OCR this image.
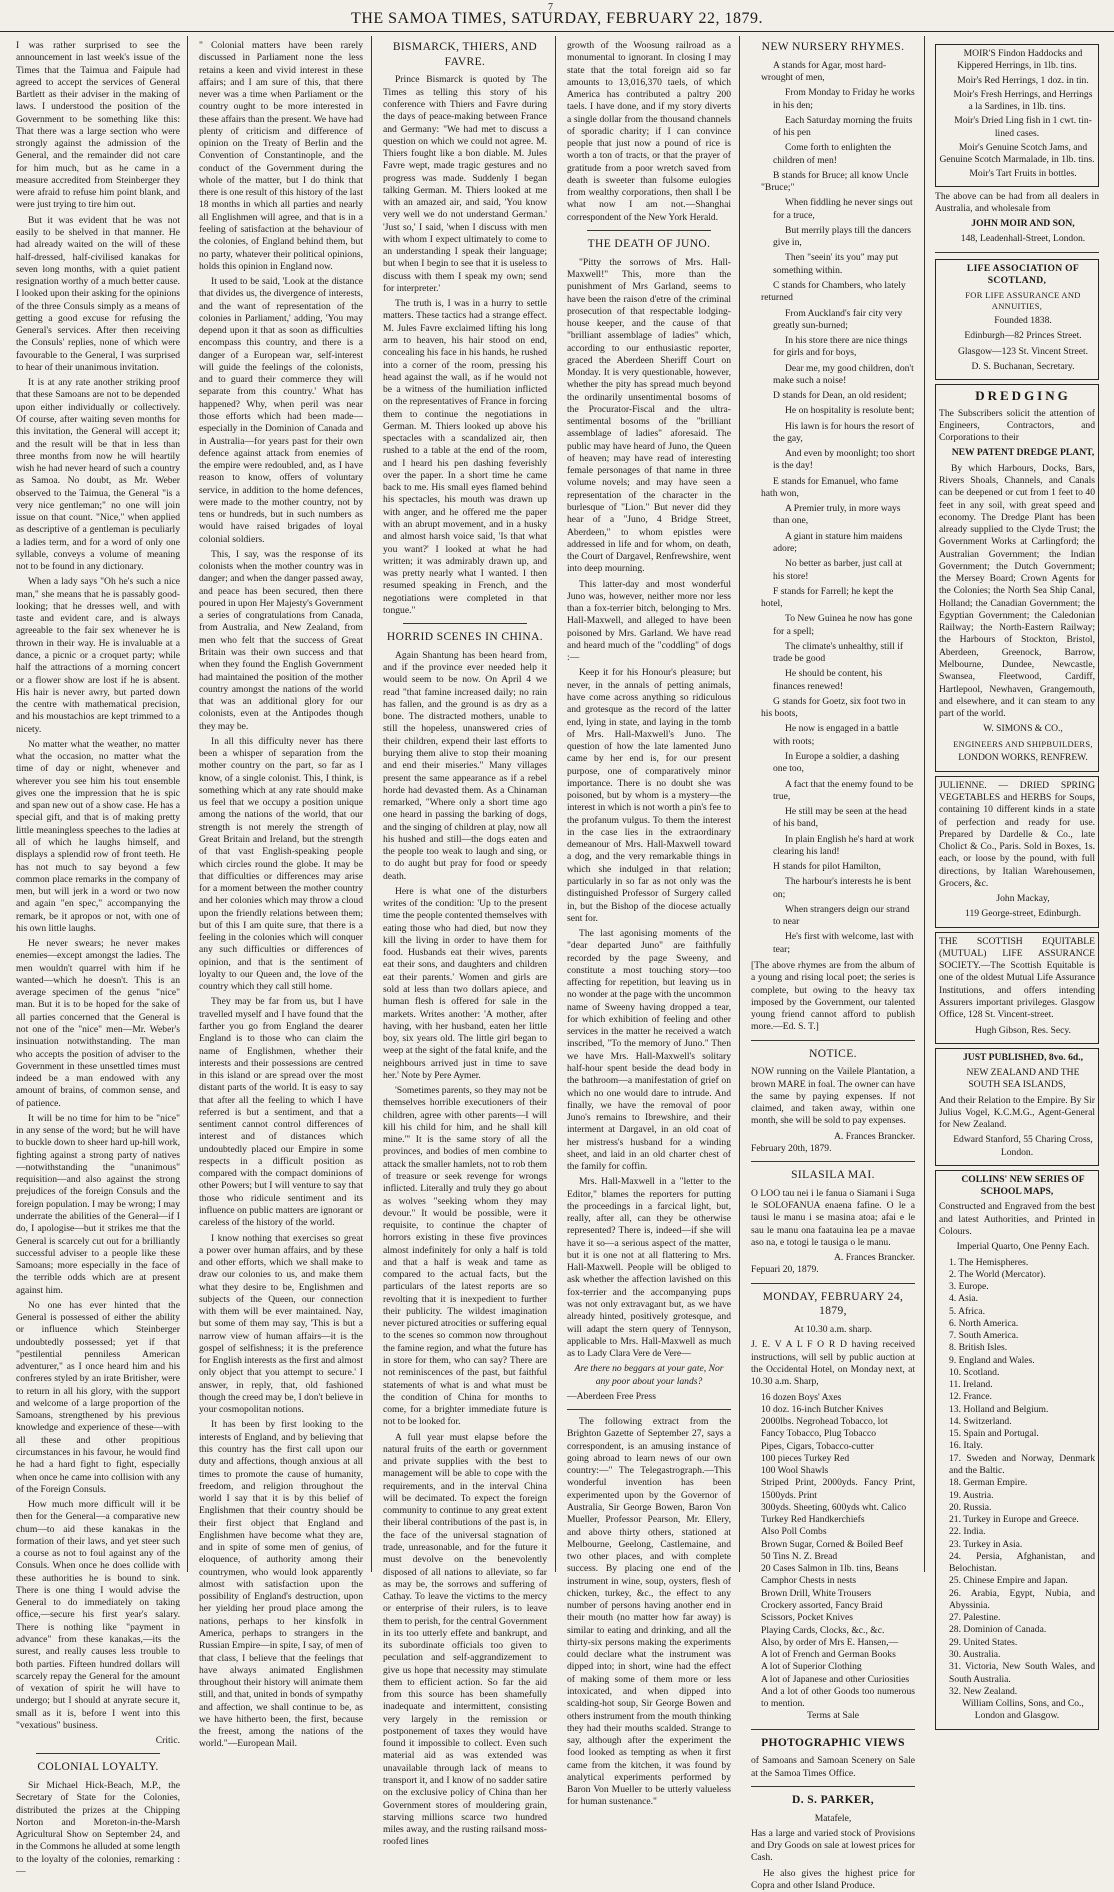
7
THE SAMOA TIMES, SATURDAY, FEBRUARY 22, 1879.

I was rather surprised to see the announcement in last week's issue of the Times that the Taimua and Faipule had agreed to accept the services of General Bartlett as their adviser in the making of laws. I understood the position of the Government to be something like this: That there was a large section who were strongly against the admission of the General, and the remainder did not care for him much, but as he came in a measure accredited from Steinberger they were afraid to refuse him point blank, and were just trying to tire him out.

But it was evident that he was not easily to be shelved in that manner. He had already waited on the will of these half-dressed, half-civilised kanakas for seven long months, with a quiet patient resignation worthy of a much better cause. I looked upon their asking for the opinions of the three Consuls simply as a means of getting a good excuse for refusing the General's services. After then receiving the Consuls' replies, none of which were favourable to the General, I was surprised to hear of their unanimous invitation.

It is at any rate another striking proof that these Samoans are not to be depended upon either individually or collectively. Of course, after waiting seven months for this invitation, the General will accept it; and the result will be that in less than three months from now he will heartily wish he had never heard of such a country as Samoa. No doubt, as Mr. Weber observed to the Taimua, the General "is a very nice gentleman;" no one will join issue on that count. "Nice," when applied as descriptive of a gentleman is peculiarly a ladies term, and for a word of only one syllable, conveys a volume of meaning not to be found in any dictionary.

When a lady says "Oh he's such a nice man," she means that he is passably good-looking; that he dresses well, and with taste and evident care, and is always agreeable to the fair sex whenever he is thrown in their way. He is invaluable at a dance, a picnic or a croquet party; while half the attractions of a morning concert or a flower show are lost if he is absent. His hair is never awry, but parted down the centre with mathematical precision, and his moustachios are kept trimmed to a nicety.

No matter what the weather, no matter what the occasion, no matter what the time of day or night, whenever and wherever you see him his tout ensemble gives one the impression that he is spic and span new out of a show case. He has a special gift, and that is of making pretty little meaningless speeches to the ladies at all of which he laughs himself, and displays a splendid row of front teeth. He has not much to say beyond a few common place remarks in the company of men, but will jerk in a word or two now and again "en spec," accompanying the remark, be it apropos or not, with one of his own little laughs.

He never swears; he never makes enemies—except amongst the ladies. The men wouldn't quarrel with him if he wanted—which he doesn't. This is an average specimen of the genus "nice" man. But it is to be hoped for the sake of all parties concerned that the General is not one of the "nice" men—Mr. Weber's insinuation notwithstanding. The man who accepts the position of adviser to the Government in these unsettled times must indeed be a man endowed with any amount of brains, of common sense, and of patience.

It will be no time for him to be "nice" in any sense of the word; but he will have to buckle down to sheer hard up-hill work, fighting against a strong party of natives—notwithstanding the "unanimous" requisition—and also against the strong prejudices of the foreign Consuls and the foreign population. I may be wrong; I may underrate the abilities of the General—if I do, I apologise—but it strikes me that the General is scarcely cut out for a brilliantly successful adviser to a people like these Samoans; more especially in the face of the terrible odds which are at present against him.

No one has ever hinted that the General is possessed of either the ability or influence which Steinberger undoubtedly possessed; yet if that "pestilential penniless American adventurer," as I once heard him and his confreres styled by an irate Britisher, were to return in all his glory, with the support and welcome of a large proportion of the Samoans, strengthened by his previous knowledge and experience of these—with all these and other propitious circumstances in his favour, he would find he had a hard fight to fight, especially when once he came into collision with any of the Foreign Consuls.

How much more difficult will it be then for the General—a comparative new chum—to aid these kanakas in the formation of their laws, and yet steer such a course as not to foul against any of the Consuls. When once he does collide with these authorities he is bound to sink. There is one thing I would advise the General to do immediately on taking office,—secure his first year's salary. There is nothing like "payment in advance" from these kanakas,—its the surest, and really causes less trouble to both parties. Fifteen hundred dollars will scarcely repay the General for the amount of vexation of spirit he will have to undergo; but I should at anyrate secure it, small as it is, before I went into this "vexatious" business.

Critic.
COLONIAL LOYALTY.

Sir Michael Hick-Beach, M.P., the Secretary of State for the Colonies, distributed the prizes at the Chipping Norton and Moreton-in-the-Marsh Agricultural Show on September 24, and in the Commons he alluded at some length to the loyalty of the colonies, remarking :—

" Colonial matters have been rarely discussed in Parliament none the less retains a keen and vivid interest in these affairs; and I am sure of this, that there never was a time when Parliament or the country ought to be more interested in these affairs than the present. We have had plenty of criticism and difference of opinion on the Treaty of Berlin and the Convention of Constantinople, and the conduct of the Government during the whole of the matter, but I do think that there is one result of this history of the last 18 months in which all parties and nearly all Englishmen will agree, and that is in a feeling of satisfaction at the behaviour of the colonies, of England behind them, but no party, whatever their political opinions, holds this opinion in England now.

It used to be said, 'Look at the distance that divides us, the divergence of interests, and the want of representation of the colonies in Parliament,' adding, 'You may depend upon it that as soon as difficulties encompass this country, and there is a danger of a European war, self-interest will guide the feelings of the colonists, and to guard their commerce they will separate from this country.' What has happened? Why, when peril was near those efforts which had been made—especially in the Dominion of Canada and in Australia—for years past for their own defence against attack from enemies of the empire were redoubled, and, as I have reason to know, offers of voluntary service, in addition to the home defences, were made to the mother country, not by tens or hundreds, but in such numbers as would have raised brigades of loyal colonial soldiers.

This, I say, was the response of its colonists when the mother country was in danger; and when the danger passed away, and peace has been secured, then there poured in upon Her Majesty's Government a series of congratulations from Canada, from Australia, and New Zealand, from men who felt that the success of Great Britain was their own success and that when they found the English Government had maintained the position of the mother country amongst the nations of the world that was an additional glory for our colonists, even at the Antipodes though they may be.

In all this difficulty never has there been a whisper of separation from the mother country on the part, so far as I know, of a single colonist. This, I think, is something which at any rate should make us feel that we occupy a position unique among the nations of the world, that our strength is not merely the strength of Great Britain and Ireland, but the strength of that vast English-speaking people which circles round the globe. It may be that difficulties or differences may arise for a moment between the mother country and her colonies which may throw a cloud upon the friendly relations between them; but of this I am quite sure, that there is a feeling in the colonies which will conquer any such difficulties or differences of opinion, and that is the sentiment of loyalty to our Queen and, the love of the country which they call still home.

They may be far from us, but I have travelled myself and I have found that the farther you go from England the dearer England is to those who can claim the name of Englishmen, whether their interests and their possessions are centred in this island or are spread over the most distant parts of the world. It is easy to say that after all the feeling to which I have referred is but a sentiment, and that a sentiment cannot control differences of interest and of distances which undoubtedly placed our Empire in some respects in a difficult position as compared with the compact dominions of other Powers; but I will venture to say that those who ridicule sentiment and its influence on public matters are ignorant or careless of the history of the world.

I know nothing that exercises so great a power over human affairs, and by these and other efforts, which we shall make to draw our colonies to us, and make them what they desire to be, Englishmen and subjects of the Queen, our connection with them will be ever maintained. Nay, but some of them may say, 'This is but a narrow view of human affairs—it is the gospel of selfishness; it is the preference for English interests as the first and almost only object that you attempt to secure.' I answer, in reply, that, old fashioned though the creed may be, I don't believe in your cosmopolitan notions.

It has been by first looking to the interests of England, and by believing that this country has the first call upon our duty and affections, though anxious at all times to promote the cause of humanity, freedom, and religion throughout the world I say that it is by this belief of Englishmen that their country should be their first object that England and Englishmen have become what they are, and in spite of some men of genius, of eloquence, of authority among their countrymen, who would look apparently almost with satisfaction upon the possibility of England's destruction, upon her yielding her proud place among the nations, perhaps to her kinsfolk in America, perhaps to strangers in the Russian Empire—in spite, I say, of men of that class, I believe that the feelings that have always animated Englishmen throughout their history will animate them still, and that, united in bonds of sympathy and affection, we shall continue to be, as we have hitherto been, the first, because the freest, among the nations of the world."—European Mail.

BISMARCK, THIERS, AND FAVRE.

Prince Bismarck is quoted by The Times as telling this story of his conference with Thiers and Favre during the days of peace-making between France and Germany: "We had met to discuss a question on which we could not agree. M. Thiers fought like a bon diable. M. Jules Favre wept, made tragic gestures and no progress was made. Suddenly I began talking German. M. Thiers looked at me with an amazed air, and said, 'You know very well we do not understand German.' 'Just so,' I said, 'when I discuss with men with whom I expect ultimately to come to an understanding I speak their language; but when I begin to see that it is useless to discuss with them I speak my own; send for interpreter.'

The truth is, I was in a hurry to settle matters. These tactics had a strange effect. M. Jules Favre exclaimed lifting his long arm to heaven, his hair stood on end, concealing his face in his hands, he rushed into a corner of the room, pressing his head against the wall, as if he would not be a witness of the humiliation inflicted on the representatives of France in forcing them to continue the negotiations in German. M. Thiers looked up above his spectacles with a scandalized air, then rushed to a table at the end of the room, and I heard his pen dashing feverishly over the paper. In a short time he came back to me. His small eyes flamed behind his spectacles, his mouth was drawn up with anger, and he offered me the paper with an abrupt movement, and in a husky and almost harsh voice said, 'Is that what you want?' I looked at what he had written; it was admirably drawn up, and was pretty nearly what I wanted. I then resumed speaking in French, and the negotiations were completed in that tongue."

HORRID SCENES IN CHINA.

Again Shantung has been heard from, and if the province ever needed help it would seem to be now. On April 4 we read "that famine increased daily; no rain has fallen, and the ground is as dry as a bone. The distracted mothers, unable to still the hopeless, unanswered cries of their children, expend their last efforts to burying them alive to stop their moaning and end their miseries." Many villages present the same appearance as if a rebel horde had devasted them. As a Chinaman remarked, "Where only a short time ago one heard in passing the barking of dogs, and the singing of children at play, now all his hushed and still—the dogs eaten and the people too weak to laugh and sing, or to do aught but pray for food or speedy death.

Here is what one of the disturbers writes of the condition: 'Up to the present time the people contented themselves with eating those who had died, but now they kill the living in order to have them for food. Husbands eat their wives, parents eat their sons, and daughters and children eat their parents.' Women and girls are sold at less than two dollars apiece, and human flesh is offered for sale in the markets. Writes another: 'A mother, after having, with her husband, eaten her little boy, six years old. The little girl began to weep at the sight of the fatal knife, and the neighbours arrived just in time to save her.' Note by Pere Aymer.

'Sometimes parents, so they may not be themselves horrible executioners of their children, agree with other parents—I will kill his child for him, and he shall kill mine.'" It is the same story of all the provinces, and bodies of men combine to attack the smaller hamlets, not to rob them of treasure or seek revenge for wrongs inflicted. Literally and truly they go about as wolves "seeking whom they may devour." It would be possible, were it requisite, to continue the chapter of horrors existing in these five provinces almost indefinitely for only a half is told and that a half is weak and tame as compared to the actual facts, but the particulars of the latest reports are so revolting that it is inexpedient to further their publicity. The wildest imagination never pictured atrocities or suffering equal to the scenes so common now throughout the famine region, and what the future has in store for them, who can say? There are not reminiscences of the past, but faithful statements of what is and what must be the condition of China for months to come, for a brighter immediate future is not to be looked for.

A full year must elapse before the natural fruits of the earth or government and private supplies with the best to management will be able to cope with the requirements, and in the interval China will be decimated. To expect the foreign community to continue to any great extent their liberal contributions of the past is, in the face of the universal stagnation of trade, unreasonable, and for the future it must devolve on the benevolently disposed of all nations to alleviate, so far as may be, the sorrows and suffering of Cathay. To leave the victims to the mercy or enterprise of their rulers, is to leave them to perish, for the central Government in its too utterly effete and bankrupt, and its subordinate officials too given to peculation and self-aggrandizement to give us hope that necessity may stimulate them to efficient action. So far the aid from this source has been shamefully inadequate and intermittent, consisting very largely in the remission or postponement of taxes they would have found it impossible to collect. Even such material aid as was extended was unavailable through lack of means to transport it, and I know of no sadder satire on the exclusive policy of China than her Government stores of mouldering grain, starving millions scarce two hundred miles away, and the rusting railsand moss-roofed lines

growth of the Woosung railroad as a monumental to ignorant. In closing I may state that the total foreign aid so far amounts to 13,016,370 taels, of which America has contributed a paltry 200 taels. I have done, and if my story diverts a single dollar from the thousand channels of sporadic charity; if I can convince people that just now a pound of rice is worth a ton of tracts, or that the prayer of gratitude from a poor wretch saved from death is sweeter than fulsome eulogies from wealthy corporations, then shall I be what now I am not.—Shanghai correspondent of the New York Herald.

THE DEATH OF JUNO.

"Pitty the sorrows of Mrs. Hall-Maxwell!" This, more than the punishment of Mrs Garland, seems to have been the raison d'etre of the criminal prosecution of that respectable lodging-house keeper, and the cause of that "brilliant assemblage of ladies" which, according to our enthusiastic reporter, graced the Aberdeen Sheriff Court on Monday. It is very questionable, however, whether the pity has spread much beyond the ordinarily unsentimental bosoms of the Procurator-Fiscal and the ultra-sentimental bosoms of the "brilliant assemblage of ladies" aforesaid. The public may have heard of Juno, the Queen of heaven; may have read of interesting female personages of that name in three volume novels; and may have seen a representation of the character in the burlesque of "Lion." But never did they hear of a "Juno, 4 Bridge Street, Aberdeen," to whom epistles were addressed in life and for whom, on death, the Court of Dargavel, Renfrewshire, went into deep mourning.

This latter-day and most wonderful Juno was, however, neither more nor less than a fox-terrier bitch, belonging to Mrs. Hall-Maxwell, and alleged to have been poisoned by Mrs. Garland. We have read and heard much of the "coddling" of dogs :—

Keep it for his Honour's pleasure; but never, in the annals of petting animals, have come across anything so ridiculous and grotesque as the record of the latter end, lying in state, and laying in the tomb of Mrs. Hall-Maxwell's Juno. The question of how the late lamented Juno came by her end is, for our present purpose, one of comparatively minor importance. There is no doubt she was poisoned, but by whom is a mystery—the interest in which is not worth a pin's fee to the profanum vulgus. To them the interest in the case lies in the extraordinary demeanour of Mrs. Hall-Maxwell toward a dog, and the very remarkable things in which she indulged in that relation; particularly in so far as not only was the distinguished Professor of Surgery called in, but the Bishop of the diocese actually sent for.

The last agonising moments of the "dear departed Juno" are faithfully recorded by the page Sweeny, and constitute a most touching story—too affecting for repetition, but leaving us in no wonder at the page with the uncommon name of Sweeny having dropped a tear, for which exhibition of feeling and other services in the matter he received a watch inscribed, "To the memory of Juno." Then we have Mrs. Hall-Maxwell's solitary half-hour spent beside the dead body in the bathroom—a manifestation of grief on which no one would dare to intrude. And finally, we have the removal of poor Juno's remains to Ibrewshire, and their interment at Dargavel, in an old coat of her mistress's husband for a winding sheet, and laid in an old charter chest of the family for coffin.

Mrs. Hall-Maxwell in a "letter to the Editor," blames the reporters for putting the proceedings in a farcical light, but, really, after all, can they be otherwise represented? There is, indeed—if she will have it so—a serious aspect of the matter, but it is one not at all flattering to Mrs. Hall-Maxwell. People will be obliged to ask whether the affection lavished on this fox-terrier and the accompanying pups was not only extravagant but, as we have already hinted, positively grotesque, and will adapt the stern query of Tennyson, applicable to Mrs. Hall-Maxwell as much as to Lady Clara Vere de Vere—

Are there no beggars at your gate, Nor any poor about your lands?

—Aberdeen Free Press

The following extract from the Brighton Gazette of September 27, says a correspondent, is an amusing instance of going abroad to learn news of our own country:—" The Telegastrograph.—This wonderful invention has been experimented upon by the Governor of Australia, Sir George Bowen, Baron Von Mueller, Professor Pearson, Mr. Ellery, and above thirty others, stationed at Melbourne, Geelong, Castlemaine, and two other places, and with complete success. By placing one end of the instrument in wine, soup, oysters, flesh of chicken, turkey, &c., the effect to any number of persons having another end in their mouth (no matter how far away) is similar to eating and drinking, and all the thirty-six persons making the experiments could declare what the instrument was dipped into; in short, wine had the effect of making some of them more or less intoxicated, and when dipped into scalding-hot soup, Sir George Bowen and others instrument from the mouth thinking they had their mouths scalded. Strange to say, although after the experiment the food looked as tempting as when it first came from the kitchen, it was found by analytical experiments performed by Baron Von Mueller to be utterly valueless for human sustenance."

NEW NURSERY RHYMES.

A stands for Agar, most hard-wrought of men,

From Monday to Friday he works in his den;

Each Saturday morning the fruits of his pen

Come forth to enlighten the children of men!

B stands for Bruce; all know Uncle "Bruce;"

When fiddling he never sings out for a truce,

But merrily plays till the dancers give in,

Then "seein' its you" may put something within.

C stands for Chambers, who lately returned

From Auckland's fair city very greatly sun-burned;

In his store there are nice things for girls and for boys,

Dear me, my good children, don't make such a noise!

D stands for Dean, an old resident;

He on hospitality is resolute bent;

His lawn is for hours the resort of the gay,

And even by moonlight; too short is the day!

E stands for Emanuel, who fame hath won,

A Premier truly, in more ways than one,

A giant in stature him maidens adore;

No better as barber, just call at his store!

F stands for Farrell; he kept the hotel,

To New Guinea he now has gone for a spell;

The climate's unhealthy, still if trade be good

He should be content, his finances renewed!

G stands for Goetz, six foot two in his boots,

He now is engaged in a battle with roots;

In Europe a soldier, a dashing one too,

A fact that the enemy found to be true,

He still may be seen at the head of his band,

In plain English he's hard at work clearing his land!

H stands for pilot Hamilton,

The harbour's interests he is bent on;

When strangers deign our strand to near

He's first with welcome, last with tear;

[The above rhymes are from the album of a young and rising local poet; the series is complete, but owing to the heavy tax imposed by the Government, our talented young friend cannot afford to publish more.—Ed. S. T.]

NOTICE.

NOW running on the Vailele Plantation, a brown MARE in foal. The owner can have the same by paying expenses. If not claimed, and taken away, within one month, she will be sold to pay expenses.

A. Frances Brancker.

February 20th, 1879.

SILASILA MAI.

O LOO tau nei i le fanua o Siamani i Suga le SOLOFANUA enaena fafine. O le a tausi le manu i se masina atoa; afai e le sau le manu ona faatauina lea pe a mavae aso na, e totogi le tausiga o le manu.

A. Frances Brancker.

Fepuari 20, 1879.

MONDAY, FEBRUARY 24, 1879,

At 10.30 a.m. sharp.

J. E. V A L F O R D having received instructions, will sell by public auction at the Occidental Hotel, on Monday next, at 10.30 a.m. Sharp,

16 dozen Boys' Axes
10 doz. 16-inch Butcher Knives
2000lbs. Negrohead Tobacco, lot
Fancy Tobacco, Plug Tobacco
Pipes, Cigars, Tobacco-cutter
100 pieces Turkey Red
100 Wool Shawls
Striped Print, 2000yds. Fancy Print, 1500yds. Print
300yds. Sheeting, 600yds wht. Calico
Turkey Red Handkerchiefs
Also Poll Combs
Brown Sugar, Corned & Boiled Beef
50 Tins N. Z. Bread
20 Cases Salmon in 1lb. tins, Beans
Camphor Chests in nests
Brown Drill, White Trousers
Crockery assorted, Fancy Braid
Scissors, Pocket Knives
Playing Cards, Clocks, &c., &c.
Also, by order of Mrs E. Hansen,—
A lot of French and German Books
A lot of Superior Clothing
A lot of Japanese and other Curiosities
And a lot of other Goods too numerous to mention.

Terms at Sale

PHOTOGRAPHIC VIEWS

of Samoans and Samoan Scenery on Sale at the Samoa Times Office.

D. S. PARKER,

Matafele,

Has a large and varied stock of Provisions and Dry Goods on sale at lowest prices for Cash.

He also gives the highest price for Copra and other Island Produce.

MOIR'S Findon Haddocks and Kippered Herrings, in 1lb. tins.

Moir's Red Herrings, 1 doz. in tin.

Moir's Fresh Herrings, and Herrings a la Sardines, in 1lb. tins.

Moir's Dried Ling fish in 1 cwt. tin-lined cases.

Moir's Genuine Scotch Jams, and Genuine Scotch Marmalade, in 1lb. tins.

Moir's Tart Fruits in bottles.

The above can be had from all dealers in Australia, and wholesale from

JOHN MOIR AND SON,

148, Leadenhall-Street, London.

LIFE ASSOCIATION OF SCOTLAND,

FOR LIFE ASSURANCE AND ANNUITIES,

Founded 1838.

Edinburgh—82 Princes Street.

Glasgow—123 St. Vincent Street.

D. S. Buchanan, Secretary.

DREDGING

The Subscribers solicit the attention of Engineers, Contractors, and Corporations to their

NEW PATENT DREDGE PLANT,

By which Harbours, Docks, Bars, Rivers Shoals, Channels, and Canals can be deepened or cut from 1 feet to 40 feet in any soil, with great speed and economy. The Dredge Plant has been already supplied to the Clyde Trust; the Government Works at Carlingford; the Australian Government; the Indian Government; the Dutch Government; the Mersey Board; Crown Agents for the Colonies; the North Sea Ship Canal, Holland; the Canadian Government; the Egyptian Government; the Caledonian Railway; the North-Eastern Railway; the Harbours of Stockton, Bristol, Aberdeen, Greenock, Barrow, Melbourne, Dundee, Newcastle, Swansea, Fleetwood, Cardiff, Hartlepool, Newhaven, Grangemouth, and elsewhere, and it can steam to any part of the world.

W. SIMONS & CO.,

ENGINEERS AND SHIPBUILDERS,

LONDON WORKS, RENFREW.

JULIENNE. — DRIED SPRING VEGETABLES and HERBS for Soups, containing 10 different kinds in a state of perfection and ready for use. Prepared by Dardelle & Co., late Cholict & Co., Paris. Sold in Boxes, 1s. each, or loose by the pound, with full directions, by Italian Warehousemen, Grocers, &c.

John Mackay,

119 George-street, Edinburgh.

THE SCOTTISH EQUITABLE (MUTUAL) LIFE ASSURANCE SOCIETY.—The Scottish Equitable is one of the oldest Mutual Life Assurance Institutions, and offers intending Assurers important privileges. Glasgow Office, 128 St. Vincent-street.

Hugh Gibson, Res. Secy.

JUST PUBLISHED, 8vo. 6d.,

NEW ZEALAND AND THE SOUTH SEA ISLANDS,

And their Relation to the Empire. By Sir Julius Vogel, K.C.M.G., Agent-General for New Zealand.

Edward Stanford, 55 Charing Cross, London.

COLLINS' NEW SERIES OF SCHOOL MAPS,

Constructed and Engraved from the best and latest Authorities, and Printed in Colours.

Imperial Quarto, One Penny Each.

1. The Hemispheres.
2. The World (Mercator).
3. Europe.
4. Asia.
5. Africa.
6. North America.
7. South America.
8. British Isles.
9. England and Wales.
10. Scotland.
11. Ireland.
12. France.
13. Holland and Belgium.
14. Switzerland.
15. Spain and Portugal.
16. Italy.
17. Sweden and Norway, Denmark and the Baltic.
18. German Empire.
19. Austria.
20. Russia.
21. Turkey in Europe and Greece.
22. India.
23. Turkey in Asia.
24. Persia, Afghanistan, and Belochistan.
25. Chinese Empire and Japan.
26. Arabia, Egypt, Nubia, and Abyssinia.
27. Palestine.
28. Dominion of Canada.
29. United States.
30. Australia.
31. Victoria, New South Wales, and South Australia.
32. New Zealand.

William Collins, Sons, and Co., London and Glasgow.
